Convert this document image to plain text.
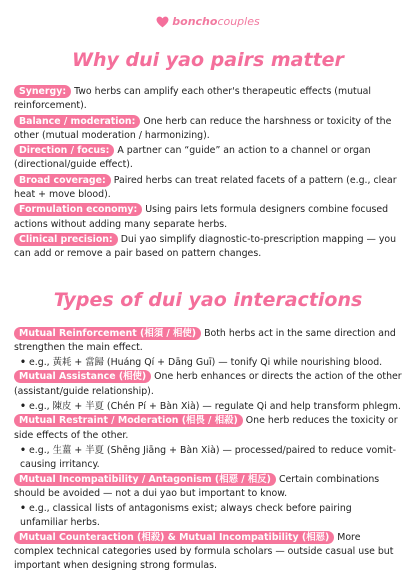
bonchocouples
Why dui yao pairs matter

Synergy: Two herbs can amplify each other's therapeutic effects (mutual reinforcement).

Balance / moderation: One herb can reduce the harshness or toxicity of the other (mutual moderation / harmonizing).

Direction / focus: A partner can “guide” an action to a channel or organ (directional/guide effect).

Broad coverage: Paired herbs can treat related facets of a pattern (e.g., clear heat + move blood).

Formulation economy: Using pairs lets formula designers combine focused actions without adding many separate herbs.

Clinical precision: Dui yao simplify diagnostic-to-prescription mapping — you can add or remove a pair based on pattern changes.

Types of dui yao interactions

Mutual Reinforcement (相須 / 相使) Both herbs act in the same direction and strengthen the main effect.

• e.g., 黃耗 + 當歸 (Huáng Qí + Dāng Guī) — tonify Qi while nourishing blood.

Mutual Assistance (相使) One herb enhances or directs the action of the other (assistant/guide relationship).

• e.g., 陳皮 + 半夏 (Chén Pí + Bàn Xià) — regulate Qi and help transform phlegm.

Mutual Restraint / Moderation (相畏 / 相殺) One herb reduces the toxicity or side effects of the other.

• e.g., 生薑 + 半夏 (Shēng Jiāng + Bàn Xià) — processed/paired to reduce vomit-causing irritancy.

Mutual Incompatibility / Antagonism (相惡 / 相反) Certain combinations should be avoided — not a dui yao but important to know.

• e.g., classical lists of antagonisms exist; always check before pairing unfamiliar herbs.

Mutual Counteraction (相殺) & Mutual Incompatibility (相惡) More complex technical categories used by formula scholars — outside casual use but important when designing strong formulas.
